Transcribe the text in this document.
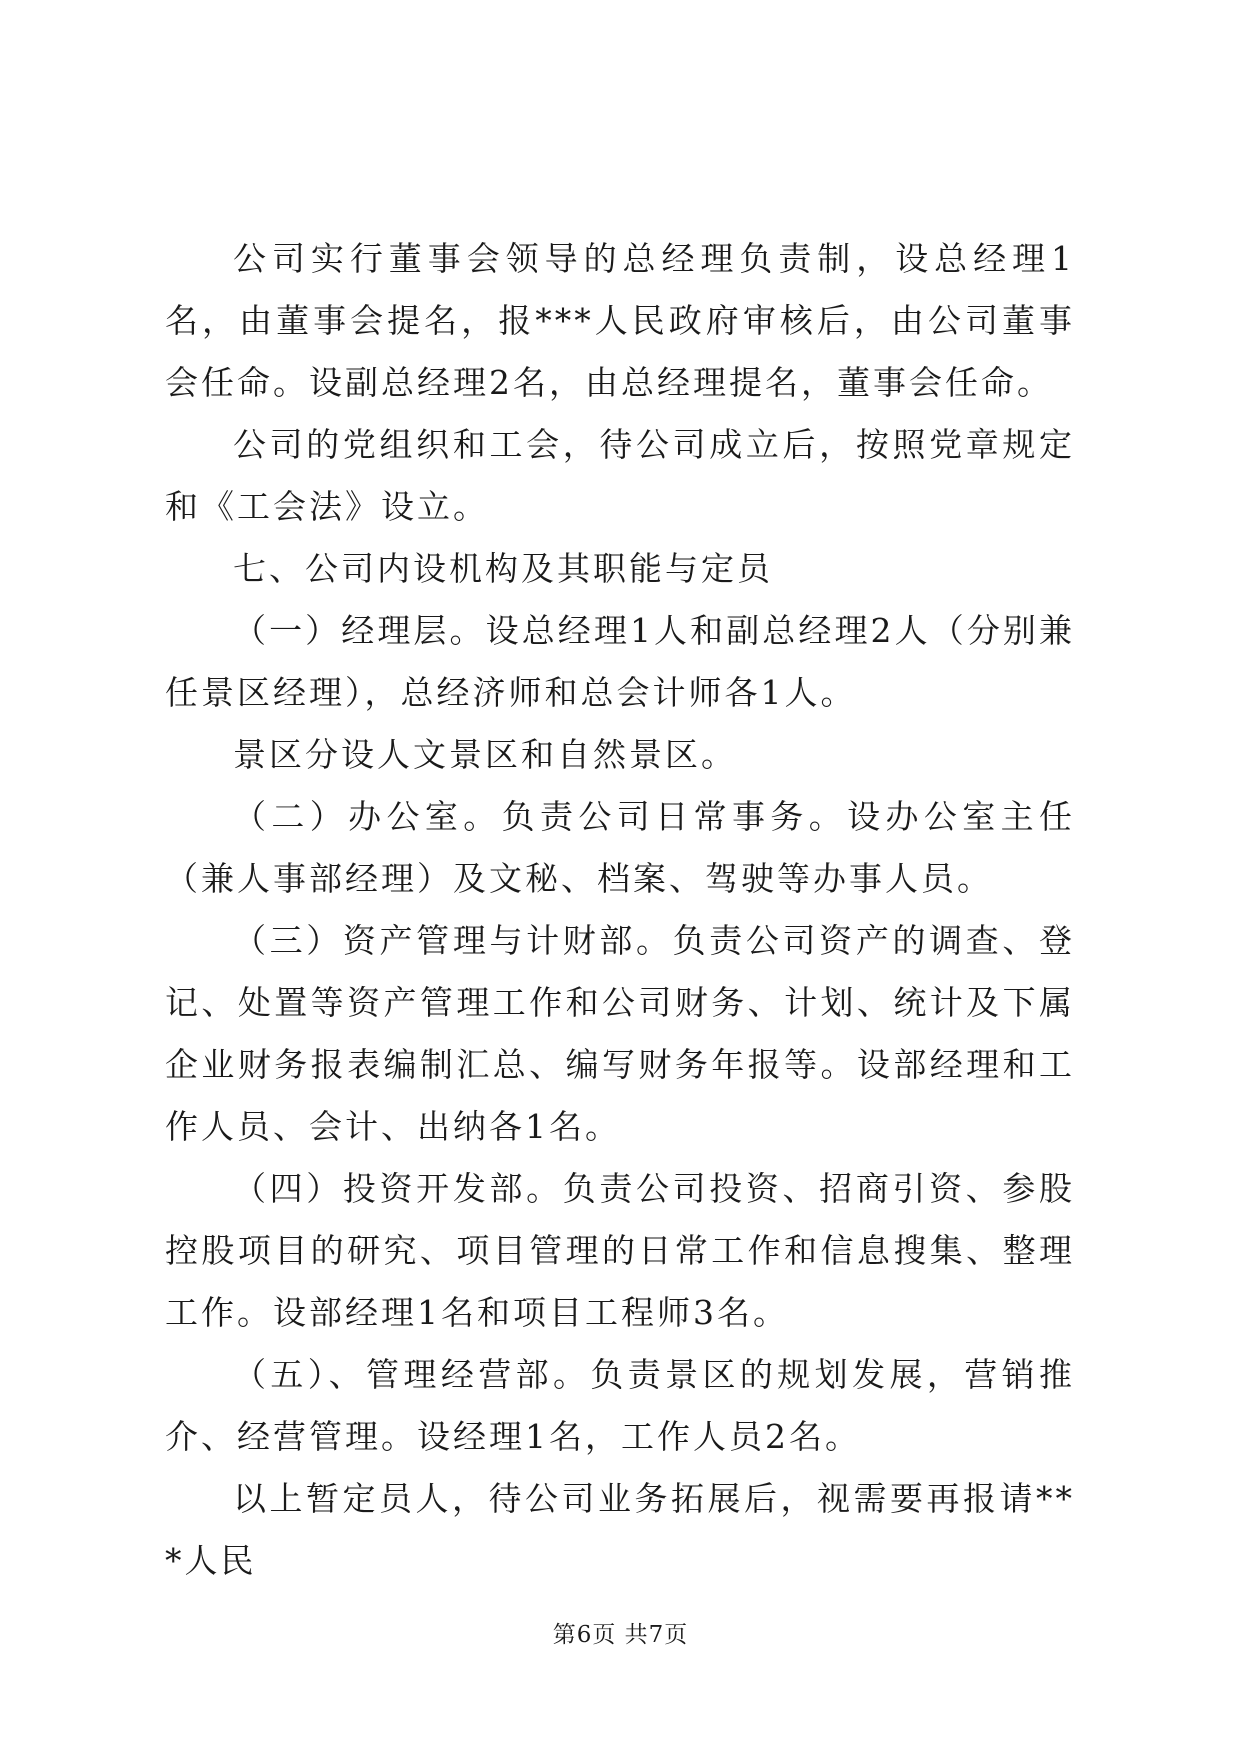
公司实行董事会领导的总经理负责制，设总经理1名，由董事会提名，报***人民政府审核后，由公司董事会任命。设副总经理2名，由总经理提名，董事会任命。

公司的党组织和工会，待公司成立后，按照党章规定和《工会法》设立。

七、公司内设机构及其职能与定员

（一）经理层。设总经理1人和副总经理2人（分别兼任景区经理），总经济师和总会计师各1人。

景区分设人文景区和自然景区。

（二）办公室。负责公司日常事务。设办公室主任（兼人事部经理）及文秘、档案、驾驶等办事人员。

（三）资产管理与计财部。负责公司资产的调查、登记、处置等资产管理工作和公司财务、计划、统计及下属企业财务报表编制汇总、编写财务年报等。设部经理和工作人员、会计、出纳各1名。

（四）投资开发部。负责公司投资、招商引资、参股控股项目的研究、项目管理的日常工作和信息搜集、整理工作。设部经理1名和项目工程师3名。

（五）、管理经营部。负责景区的规划发展，营销推介、经营管理。设经理1名，工作人员2名。

以上暂定员人，待公司业务拓展后，视需要再报请***人民

第6页 共7页
